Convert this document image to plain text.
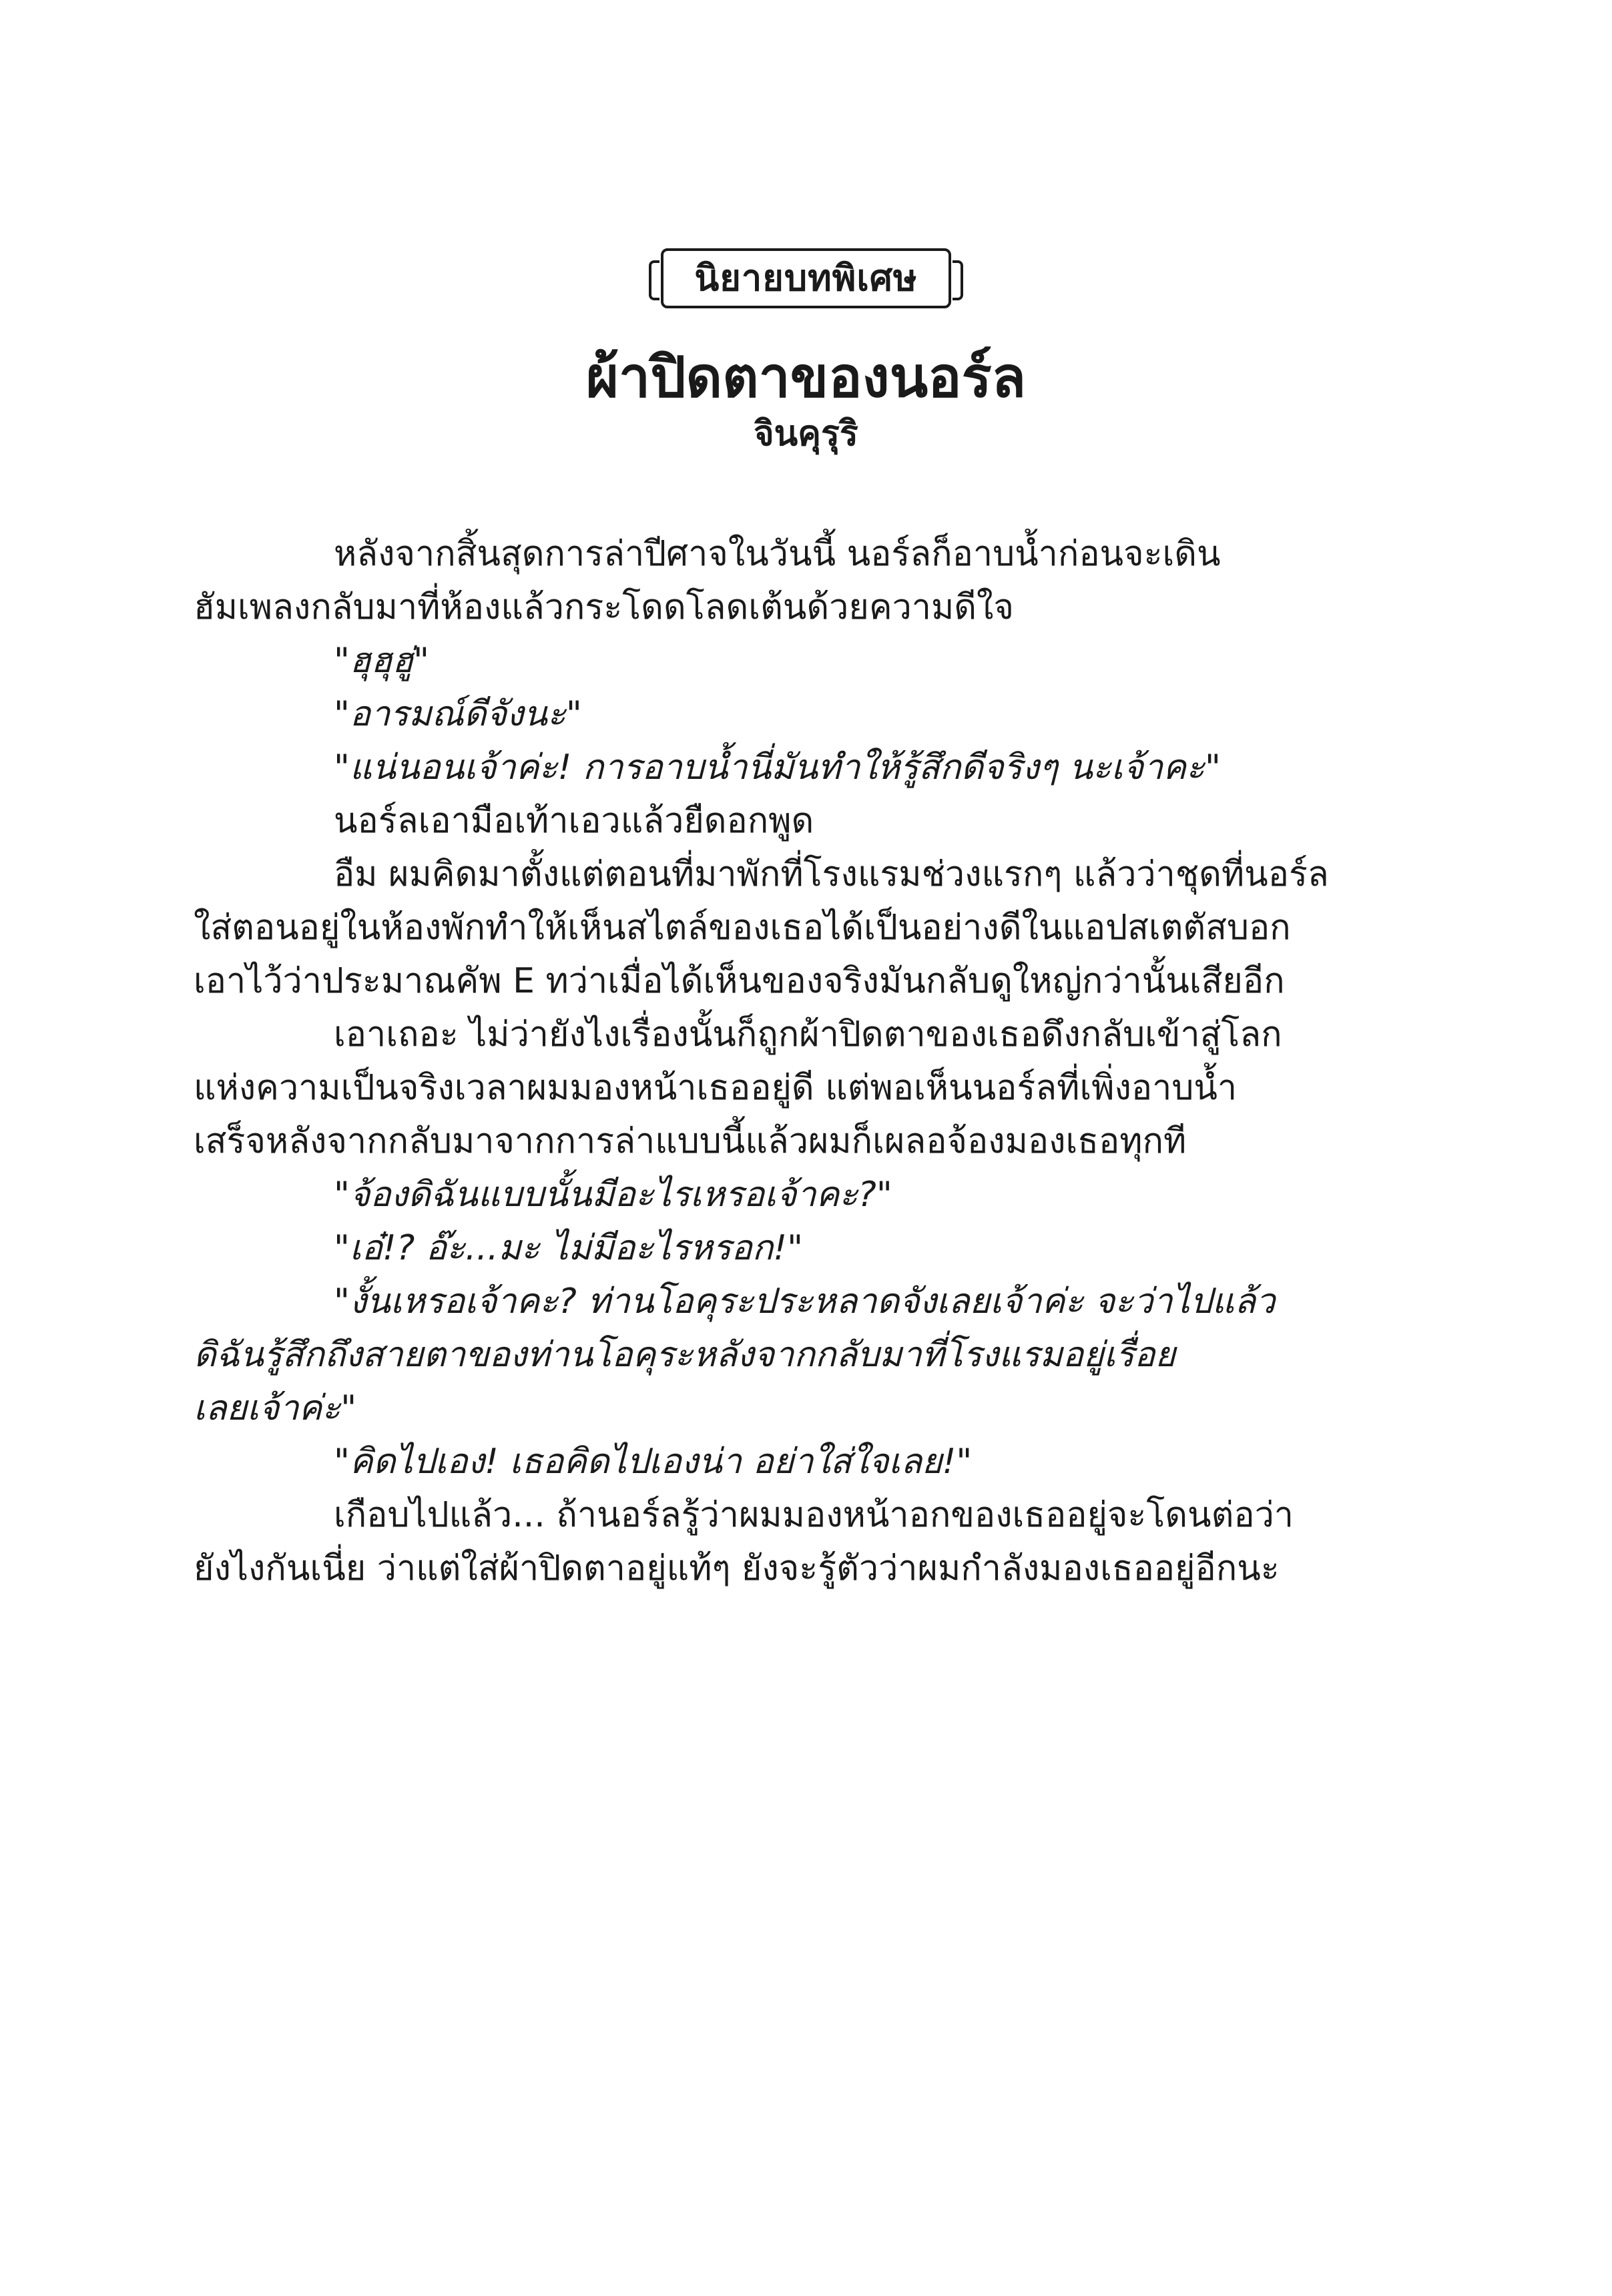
นิยายบทพิเศษ
ผ้าปิดตาของนอร์ล
จินคุรุริ
หลังจากสิ้นสุดการล่าปีศาจในวันนี้ นอร์ลก็อาบน้ำก่อนจะเดิน
ฮัมเพลงกลับมาที่ห้องแล้วกระโดดโลดเต้นด้วยความดีใจ
"ฮุฮุฮู่"
"อารมณ์ดีจังนะ"
"แน่นอนเจ้าค่ะ! การอาบน้ำนี่มันทำให้รู้สึกดีจริงๆ นะเจ้าคะ"
นอร์ลเอามือเท้าเอวแล้วยืดอกพูด
อืม ผมคิดมาตั้งแต่ตอนที่มาพักที่โรงแรมช่วงแรกๆ แล้วว่าชุดที่นอร์ล
ใส่ตอนอยู่ในห้องพักทำให้เห็นสไตล์ของเธอได้เป็นอย่างดีในแอปสเตตัสบอก
เอาไว้ว่าประมาณคัพ E ทว่าเมื่อได้เห็นของจริงมันกลับดูใหญ่กว่านั้นเสียอีก
เอาเถอะ ไม่ว่ายังไงเรื่องนั้นก็ถูกผ้าปิดตาของเธอดึงกลับเข้าสู่โลก
แห่งความเป็นจริงเวลาผมมองหน้าเธออยู่ดี แต่พอเห็นนอร์ลที่เพิ่งอาบน้ำ
เสร็จหลังจากกลับมาจากการล่าแบบนี้แล้วผมก็เผลอจ้องมองเธอทุกที
"จ้องดิฉันแบบนั้นมีอะไรเหรอเจ้าคะ?"
"เอ๋!? อ๊ะ...มะ ไม่มีอะไรหรอก!"
"งั้นเหรอเจ้าคะ? ท่านโอคุระประหลาดจังเลยเจ้าค่ะ จะว่าไปแล้ว
ดิฉันรู้สึกถึงสายตาของท่านโอคุระหลังจากกลับมาที่โรงแรมอยู่เรื่อย
เลยเจ้าค่ะ"
"คิดไปเอง! เธอคิดไปเองน่า อย่าใส่ใจเลย!"
เกือบไปแล้ว... ถ้านอร์ลรู้ว่าผมมองหน้าอกของเธออยู่จะโดนต่อว่า
ยังไงกันเนี่ย ว่าแต่ใส่ผ้าปิดตาอยู่แท้ๆ ยังจะรู้ตัวว่าผมกำลังมองเธออยู่อีกนะ
